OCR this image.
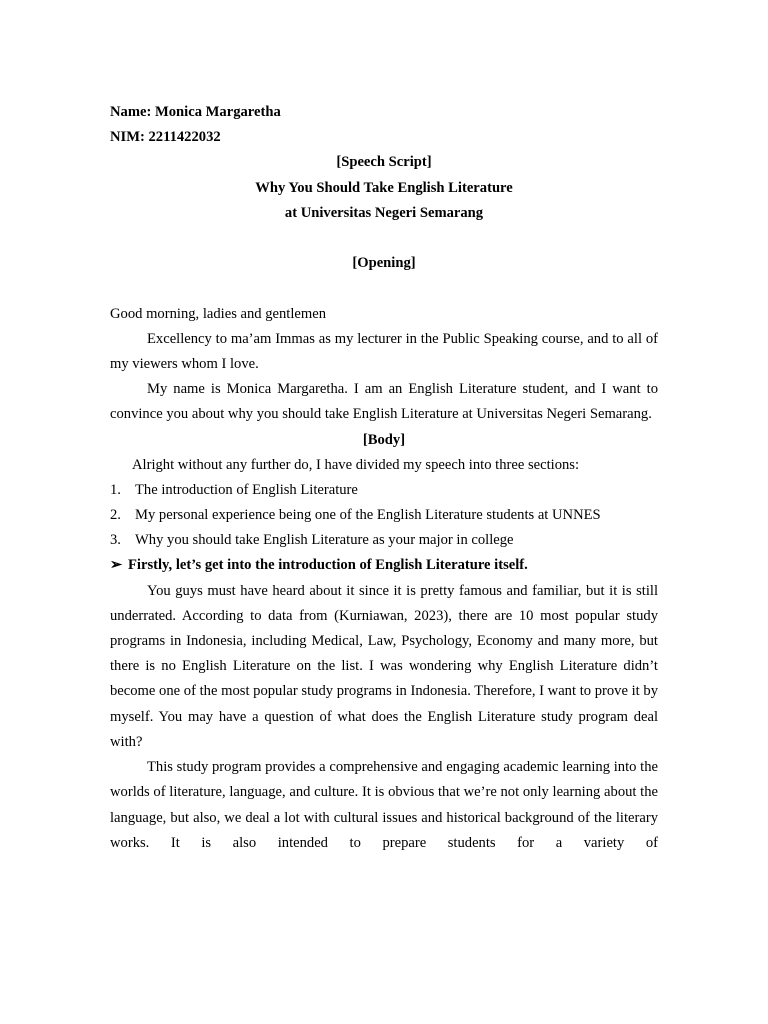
Name: Monica Margaretha
NIM: 2211422032
[Speech Script]
Why You Should Take English Literature
at Universitas Negeri Semarang
[Opening]
Good morning, ladies and gentlemen

Excellency to ma’am Immas as my lecturer in the Public Speaking course, and to all of my viewers whom I love.

My name is Monica Margaretha. I am an English Literature student, and I want to convince you about why you should take English Literature at Universitas Negeri Semarang.

[Body]
Alright without any further do, I have divided my speech into three sections:
1. The introduction of English Literature
2. My personal experience being one of the English Literature students at UNNES
3. Why you should take English Literature as your major in college
➢ Firstly, let’s get into the introduction of English Literature itself.

You guys must have heard about it since it is pretty famous and familiar, but it is still underrated. According to data from (Kurniawan, 2023), there are 10 most popular study programs in Indonesia, including Medical, Law, Psychology, Economy and many more, but there is no English Literature on the list. I was wondering why English Literature didn’t become one of the most popular study programs in Indonesia. Therefore, I want to prove it by myself. You may have a question of what does the English Literature study program deal with?

This study program provides a comprehensive and engaging academic learning into the worlds of literature, language, and culture. It is obvious that we’re not only learning about the language, but also, we deal a lot with cultural issues and historical background of the literary works. It is also intended to prepare students for a variety of
